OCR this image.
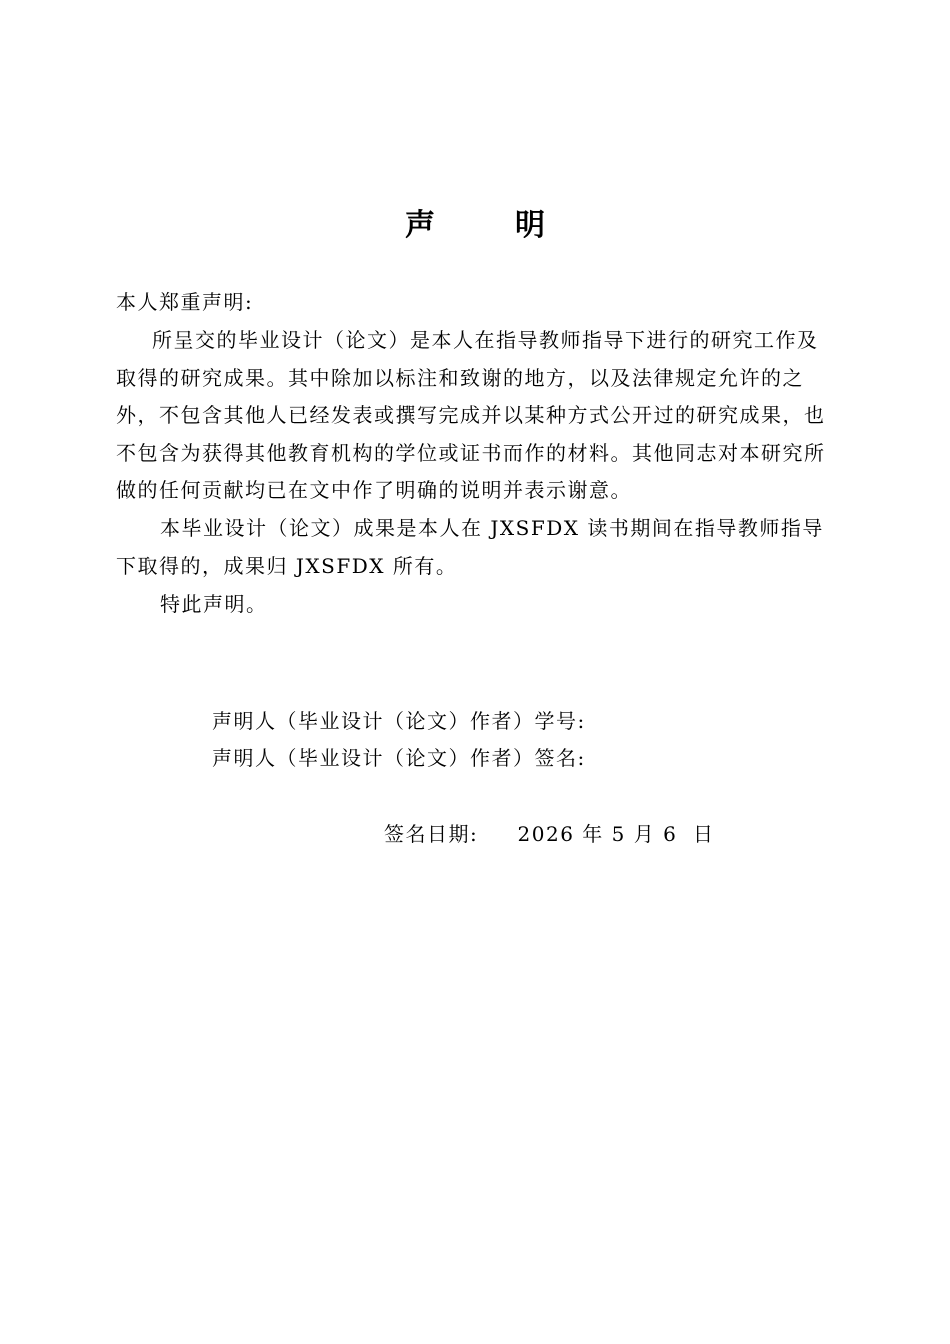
声	明

本人郑重声明:

所呈交的毕业设计（论文）是本人在指导教师指导下进行的研究工作及取得的研究成果。其中除加以标注和致谢的地方，以及法律规定允许的之外，不包含其他人已经发表或撰写完成并以某种方式公开过的研究成果，也不包含为获得其他教育机构的学位或证书而作的材料。其他同志对本研究所做的任何贡献均已在文中作了明确的说明并表示谢意。

本毕业设计（论文）成果是本人在 JXSFDX 读书期间在指导教师指导下取得的，成果归 JXSFDX 所有。

特此声明。

声明人（毕业设计（论文）作者）学号:
声明人（毕业设计（论文）作者）签名:
签名日期: 2026 年 5 月 6  日
